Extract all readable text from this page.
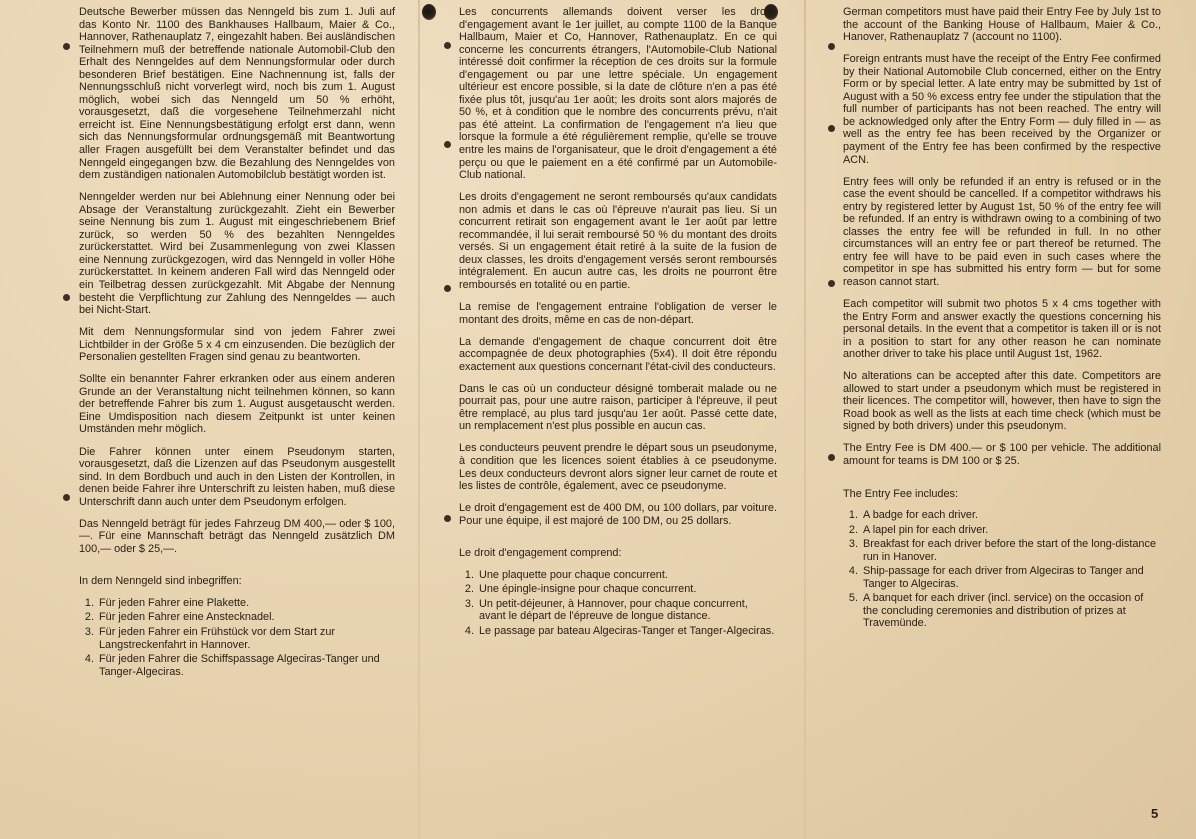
Deutsche Bewerber müssen das Nenngeld bis zum 1. Juli auf das Konto Nr. 1100 des Bankhauses Hallbaum, Maier & Co., Hannover, Rathenauplatz 7, eingezahlt haben. Bei ausländischen Teilnehmern muß der betreffende nationale Automobil-Club den Erhalt des Nenngeldes auf dem Nennungsformular oder durch besonderen Brief bestätigen. Eine Nachnennung ist, falls der Nennungsschluß nicht vorverlegt wird, noch bis zum 1. August möglich, wobei sich das Nenngeld um 50 % erhöht, vorausgesetzt, daß die vorgesehene Teilnehmerzahl nicht erreicht ist. Eine Nennungsbestätigung erfolgt erst dann, wenn sich das Nennungsformular ordnungsgemäß mit Beantwortung aller Fragen ausgefüllt bei dem Veranstalter befindet und das Nenngeld eingegangen bzw. die Bezahlung des Nenngeldes von dem zuständigen nationalen Automobilclub bestätigt worden ist.

Nenngelder werden nur bei Ablehnung einer Nennung oder bei Absage der Veranstaltung zurückgezahlt. Zieht ein Bewerber seine Nennung bis zum 1. August mit eingeschriebenem Brief zurück, so werden 50 % des bezahlten Nenngeldes zurückerstattet. Wird bei Zusammenlegung von zwei Klassen eine Nennung zurückgezogen, wird das Nenngeld in voller Höhe zurückerstattet. In keinem anderen Fall wird das Nenngeld oder ein Teilbetrag dessen zurückgezahlt. Mit Abgabe der Nennung besteht die Verpflichtung zur Zahlung des Nenngeldes — auch bei Nicht-Start.

Mit dem Nennungsformular sind von jedem Fahrer zwei Lichtbilder in der Größe 5 x 4 cm einzusenden. Die bezüglich der Personalien gestellten Fragen sind genau zu beantworten.

Sollte ein benannter Fahrer erkranken oder aus einem anderen Grunde an der Veranstaltung nicht teilnehmen können, so kann der betreffende Fahrer bis zum 1. August ausgetauscht werden. Eine Umdisposition nach diesem Zeitpunkt ist unter keinen Umständen mehr möglich.

Die Fahrer können unter einem Pseudonym starten, vorausgesetzt, daß die Lizenzen auf das Pseudonym ausgestellt sind. In dem Bordbuch und auch in den Listen der Kontrollen, in denen beide Fahrer ihre Unterschrift zu leisten haben, muß diese Unterschrift dann auch unter dem Pseudonym erfolgen.

Das Nenngeld beträgt für jedes Fahrzeug DM 400,— oder $ 100,—. Für eine Mannschaft beträgt das Nenngeld zusätzlich DM 100,— oder $ 25,—.

In dem Nenngeld sind inbegriffen:
1. Für jeden Fahrer eine Plakette.
2. Für jeden Fahrer eine Anstecknadel.
3. Für jeden Fahrer ein Frühstück vor dem Start zur Langstreckenfahrt in Hannover.
4. Für jeden Fahrer die Schiffspassage Algeciras-Tanger und Tanger-Algeciras.

Les concurrents allemands doivent verser les droits d'engagement avant le 1er juillet, au compte 1100 de la Banque Hallbaum, Maier et Co, Hannover, Rathenauplatz. En ce qui concerne les concurrents étrangers, l'Automobile-Club National intéressé doit confirmer la réception de ces droits sur la formule d'engagement ou par une lettre spéciale. Un engagement ultérieur est encore possible, si la date de clôture n'en a pas été fixée plus tôt, jusqu'au 1er août; les droits sont alors majorés de 50 %, et à condition que le nombre des concurrents prévu, n'ait pas été atteint. La confirmation de l'engagement n'a lieu que lorsque la formule a été régulièrement remplie, qu'elle se trouve entre les mains de l'organisateur, que le droit d'engagement a été perçu ou que le paiement en a été confirmé par un Automobile-Club national.

Les droits d'engagement ne seront remboursés qu'aux candidats non admis et dans le cas où l'épreuve n'aurait pas lieu. Si un concurrent retirait son engagement avant le 1er août par lettre recommandée, il lui serait remboursé 50 % du montant des droits versés. Si un engagement était retiré à la suite de la fusion de deux classes, les droits d'engagement versés seront remboursés intégralement. En aucun autre cas, les droits ne pourront être remboursés en totalité ou en partie.

La remise de l'engagement entraine l'obligation de verser le montant des droits, même en cas de non-départ.

La demande d'engagement de chaque concurrent doit être accompagnée de deux photographies (5x4). Il doit être répondu exactement aux questions concernant l'état-civil des conducteurs.

Dans le cas où un conducteur désigné tomberait malade ou ne pourrait pas, pour une autre raison, participer à l'épreuve, il peut être remplacé, au plus tard jusqu'au 1er août. Passé cette date, un remplacement n'est plus possible en aucun cas.

Les conducteurs peuvent prendre le départ sous un pseudonyme, à condition que les licences soient établies à ce pseudonyme. Les deux conducteurs devront alors signer leur carnet de route et les listes de contrôle, également, avec ce pseudonyme.

Le droit d'engagement est de 400 DM, ou 100 dollars, par voiture. Pour une équipe, il est majoré de 100 DM, ou 25 dollars.

Le droit d'engagement comprend:
1. Une plaquette pour chaque concurrent.
2. Une épingle-insigne pour chaque concurrent.
3. Un petit-déjeuner, à Hannover, pour chaque concurrent, avant le départ de l'épreuve de longue distance.
4. Le passage par bateau Algeciras-Tanger et Tanger-Algeciras.

German competitors must have paid their Entry Fee by July 1st to the account of the Banking House of Hallbaum, Maier & Co., Hanover, Rathenauplatz 7 (account no 1100).

Foreign entrants must have the receipt of the Entry Fee confirmed by their National Automobile Club concerned, either on the Entry Form or by special letter. A late entry may be submitted by 1st of August with a 50 % excess entry fee under the stipulation that the full number of participants has not been reached. The entry will be acknowledged only after the Entry Form — duly filled in — as well as the entry fee has been received by the Organizer or payment of the Entry fee has been confirmed by the respective ACN.

Entry fees will only be refunded if an entry is refused or in the case the event should be cancelled. If a competitor withdraws his entry by registered letter by August 1st, 50 % of the entry fee will be refunded. If an entry is withdrawn owing to a combining of two classes the entry fee will be refunded in full. In no other circumstances will an entry fee or part thereof be returned. The entry fee will have to be paid even in such cases where the competitor in spe has submitted his entry form — but for some reason cannot start.

Each competitor will submit two photos 5 x 4 cms together with the Entry Form and answer exactly the questions concerning his personal details. In the event that a competitor is taken ill or is not in a position to start for any other reason he can nominate another driver to take his place until August 1st, 1962.

No alterations can be accepted after this date. Competitors are allowed to start under a pseudonym which must be registered in their licences. The competitor will, however, then have to sign the Road book as well as the lists at each time check (which must be signed by both drivers) under this pseudonym.

The Entry Fee is DM 400.— or $ 100 per vehicle. The additional amount for teams is DM 100 or $ 25.

The Entry Fee includes:
1. A badge for each driver.
2. A lapel pin for each driver.
3. Breakfast for each driver before the start of the long-distance run in Hanover.
4. Ship-passage for each driver from Algeciras to Tanger and Tanger to Algeciras.
5. A banquet for each driver (incl. service) on the occasion of the concluding ceremonies and distribution of prizes at Travemünde.
5
